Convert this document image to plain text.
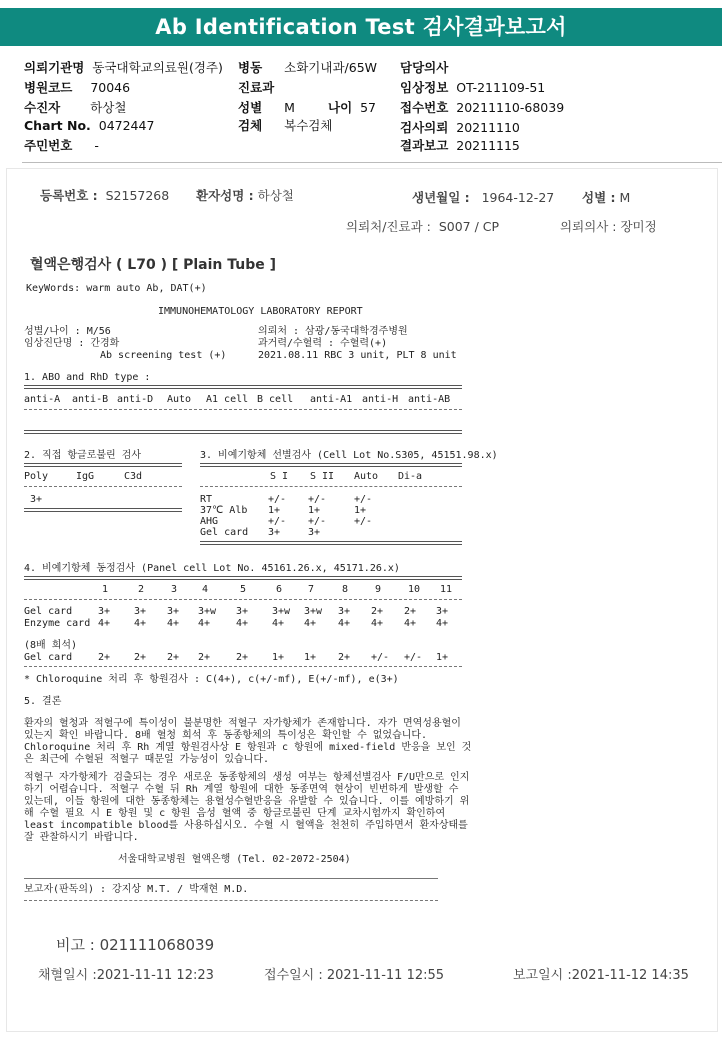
Ab Identification Test 검사결과보고서
의뢰기관명 동국대학교의료원(경주) 병동 소화기내과/65W 담당의사
병원코드 70046	진료과	임상정보 OT-211109-51
수진자 하상철	성별 M	나이 57 접수번호 20211110-68039
Chart No. 0472447	검체 복수검체	검사의뢰 20211110
주민번호 -	결과보고 20211115
등록번호 : S2157268 환자성명 : 하상철	생년월일 : 1964-12-27 성별 : M
의뢰처/진료과 : S007 / CP	의뢰의사 : 장미정
혈액은행검사 ( L70 ) [ Plain Tube ]
KeyWords: warm auto Ab, DAT(+)
IMMUNOHEMATOLOGY LABORATORY REPORT
성별/나이 : M/56
임상진단명 : 간경화
Ab screening test (+)
의뢰처 : 삼광/동국대학경주병원
과거력/수혈력 : 수혈력(+)
2021.08.11 RBC 3 unit, PLT 8 unit
1. ABO and RhD type :
anti-A anti-B anti-D Auto A1 cell B cell anti-A1 anti-H anti-AB
2. 직접 항글로불린 검사
Poly	IgG	C3d
3+
3. 비예기항체 선별검사 (Cell Lot No.S305, 45151.98.x)
S I S II Auto Di-a
RT	+/- +/-	+/-
37℃ Alb 1+	1+	1+
AHG	+/- +/-	+/-
Gel card 3+	3+
4. 비예기항체 동정검사 (Panel cell Lot No. 45161.26.x, 45171.26.x)
1	2	3 4	5	6	7	8	9	10 11
Gel card	3+ 3+ 3+ 3+w 3+ 3+w 3+w 3+ 2+ 2+ 3+
Enzyme card 4+ 4+ 4+ 4+	4+ 4+ 4+ 4+ 4+ 4+ 4+
(8배 희석)
Gel card	2+ 2+ 2+ 2+	2+ 1+ 1+ 2+ +/- +/- 1+
* Chloroquine 처리 후 항원검사 : C(4+), c(+/-mf), E(+/-mf), e(3+)
5. 결론
환자의 혈청과 적혈구에 특이성이 불분명한 적혈구 자가항체가 존재합니다. 자가 면역성용혈이 있는지 확인 바랍니다. 8배 혈청 희석 후 동종항체의 특이성은 확인할 수 없었습니다. Chloroquine 처리 후 Rh 계열 항원검사상 E 항원과 c 항원에 mixed-field 반응을 보인 것은 최근에 수혈된 적혈구 때문일 가능성이 있습니다.
적혈구 자가항체가 검출되는 경우 새로운 동종항체의 생성 여부는 항체선별검사 F/U만으로 인지하기 어렵습니다. 적혈구 수혈 뒤 Rh 계열 항원에 대한 동종면역 현상이 빈번하게 발생할 수 있는데, 이들 항원에 대한 동종항체는 용혈성수혈반응을 유발할 수 있습니다. 이를 예방하기 위해 수혈 필요 시 E 항원 및 c 항원 음성 혈액 중 항글로불린 단계 교차시험까지 확인하여 least incompatible blood를 사용하십시오. 수혈 시 혈액을 천천히 주입하면서 환자상태를 잘 관찰하시기 바랍니다.
서울대학교병원 혈액은행 (Tel. 02-2072-2504)
보고자(판독의) : 강지상 M.T. / 박재현 M.D.
비고 : 021111068039
채혈일시 :2021-11-11 12:23	접수일시 : 2021-11-11 12:55	보고일시 :2021-11-12 14:35
